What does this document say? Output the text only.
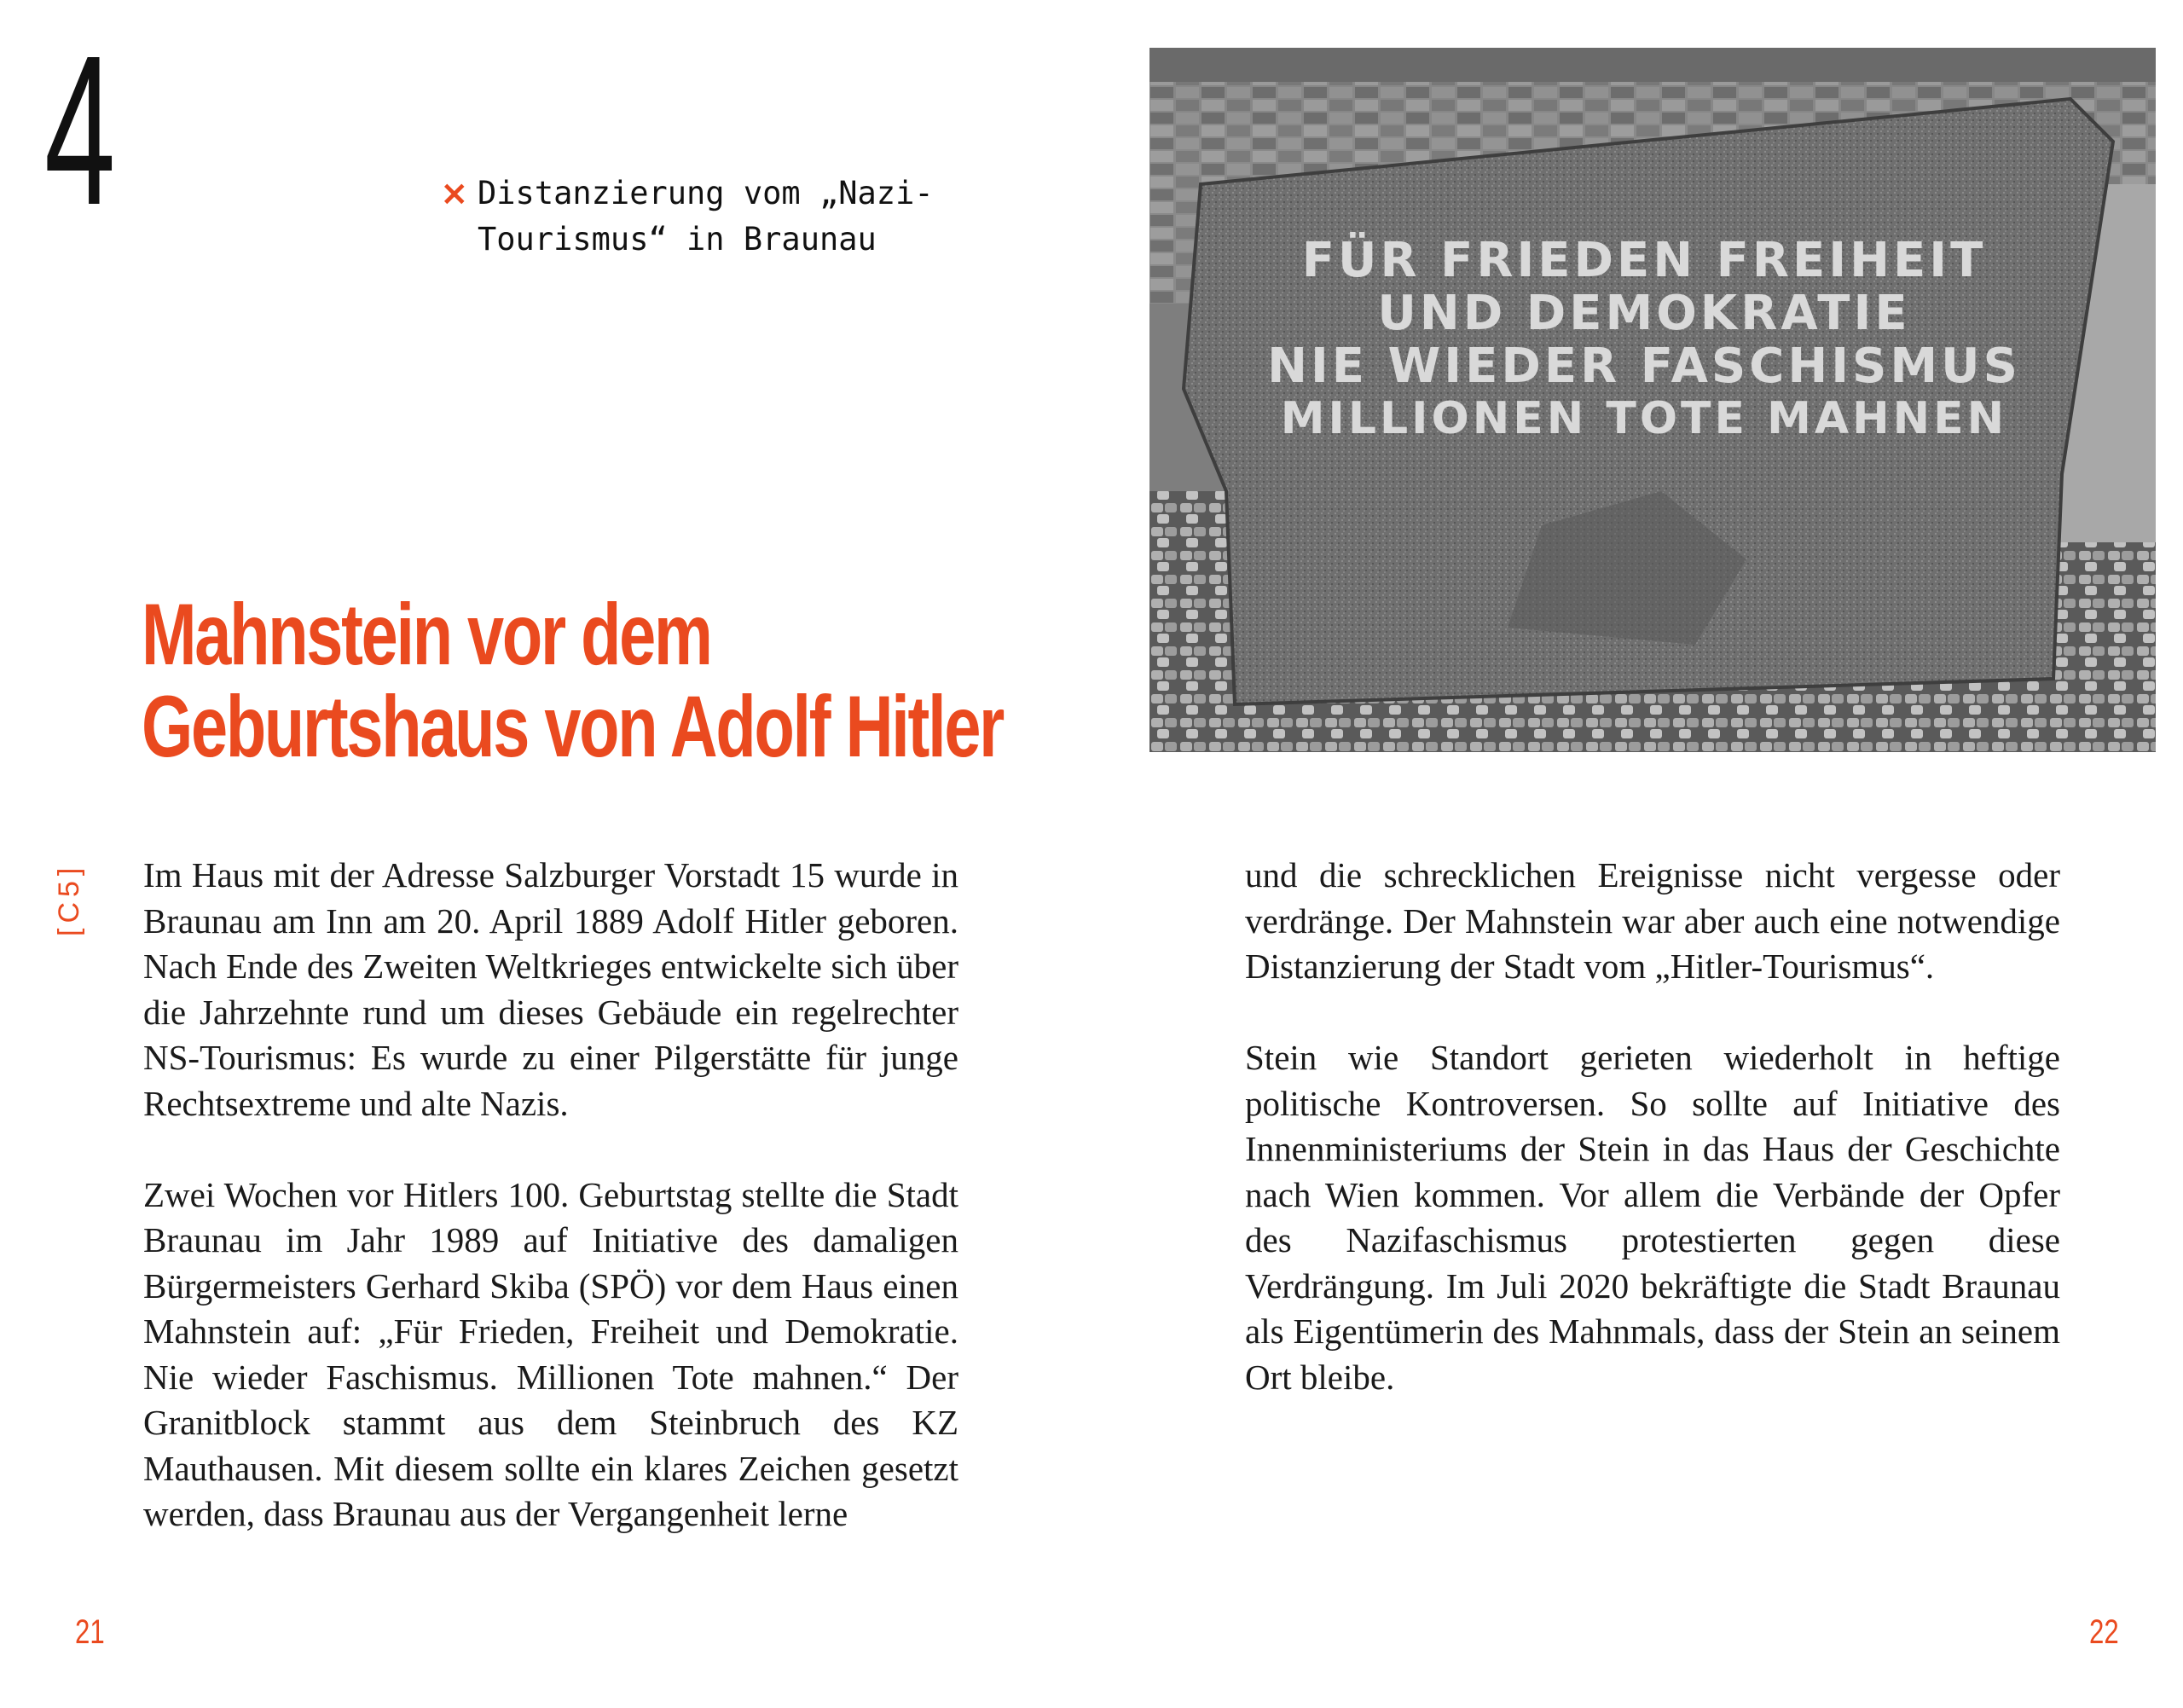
4	× Distanzierung vom „Nazi-Tourismus“ in Braunau
Mahnstein vor dem
Geburtshaus von Adolf Hitler
FÜR FRIEDEN FREIHEIT
UND DEMOKRATIE
NIE WIEDER FASCHISMUS
MILLIONEN TOTE MAHNEN
[C5] Im Haus mit der Adresse Salzburger Vorstadt 15 wurde in Braunau am Inn am 20. April 1889 Adolf Hitler geboren. Nach Ende des Zweiten Weltkrieges entwickelte sich über die Jahrzehnte rund um dieses Gebäude ein regelrechter NS-Tourismus: Es wurde zu einer Pilgerstätte für junge Rechtsextreme und alte Nazis.

Zwei Wochen vor Hitlers 100. Geburtstag stellte die Stadt Braunau im Jahr 1989 auf Initiative des damaligen Bürgermeisters Gerhard Skiba (SPÖ) vor dem Haus einen Mahnstein auf: „Für Frieden, Freiheit und Demokratie. Nie wieder Faschismus. Millionen Tote mahnen.“ Der Granitblock stammt aus dem Steinbruch des KZ Mauthausen. Mit diesem sollte ein klares Zeichen gesetzt werden, dass Braunau aus der Vergangenheit lerne

und die schrecklichen Ereignisse nicht vergesse oder verdränge. Der Mahnstein war aber auch eine notwendige Distanzierung der Stadt vom „Hitler-Tourismus“.

Stein wie Standort gerieten wiederholt in heftige politische Kontroversen. So sollte auf Initiative des Innenministeriums der Stein in das Haus der Geschichte nach Wien kommen. Vor allem die Verbände der Opfer des Nazifaschismus protestierten gegen diese Verdrängung. Im Juli 2020 bekräftigte die Stadt Braunau als Eigentümerin des Mahnmals, dass der Stein an seinem Ort bleibe.

21	22
